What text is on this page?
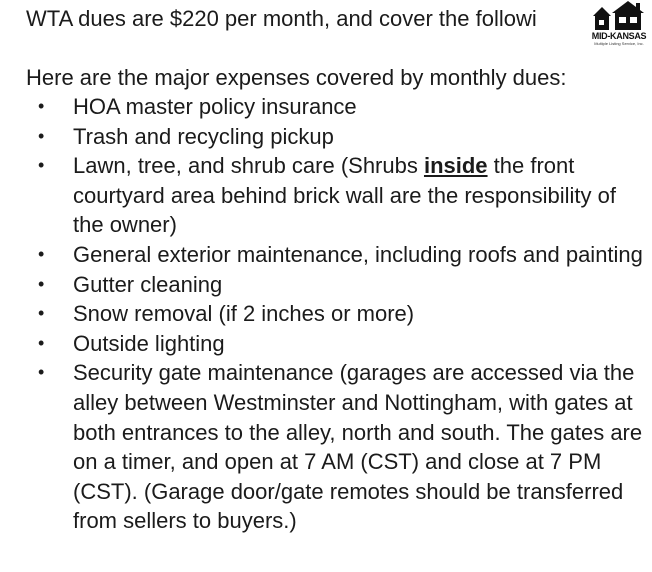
WTA dues are $220 per month, and cover the followi
Here are the major expenses covered by monthly dues:
• HOA master policy insurance
• Trash and recycling pickup
• Lawn, tree, and shrub care (Shrubs inside the front courtyard area behind brick wall are the responsibility of the owner)
• General exterior maintenance, including roofs and painting
• Gutter cleaning
• Snow removal (if 2 inches or more)
• Outside lighting
• Security gate maintenance (garages are accessed via the alley between Westminster and Nottingham, with gates at both entrances to the alley, north and south. The gates are on a timer, and open at 7 AM (CST) and close at 7 PM (CST). (Garage door/gate remotes should be transferred from sellers to buyers.)
MID-KANSAS
Multiple Listing Service, Inc.
